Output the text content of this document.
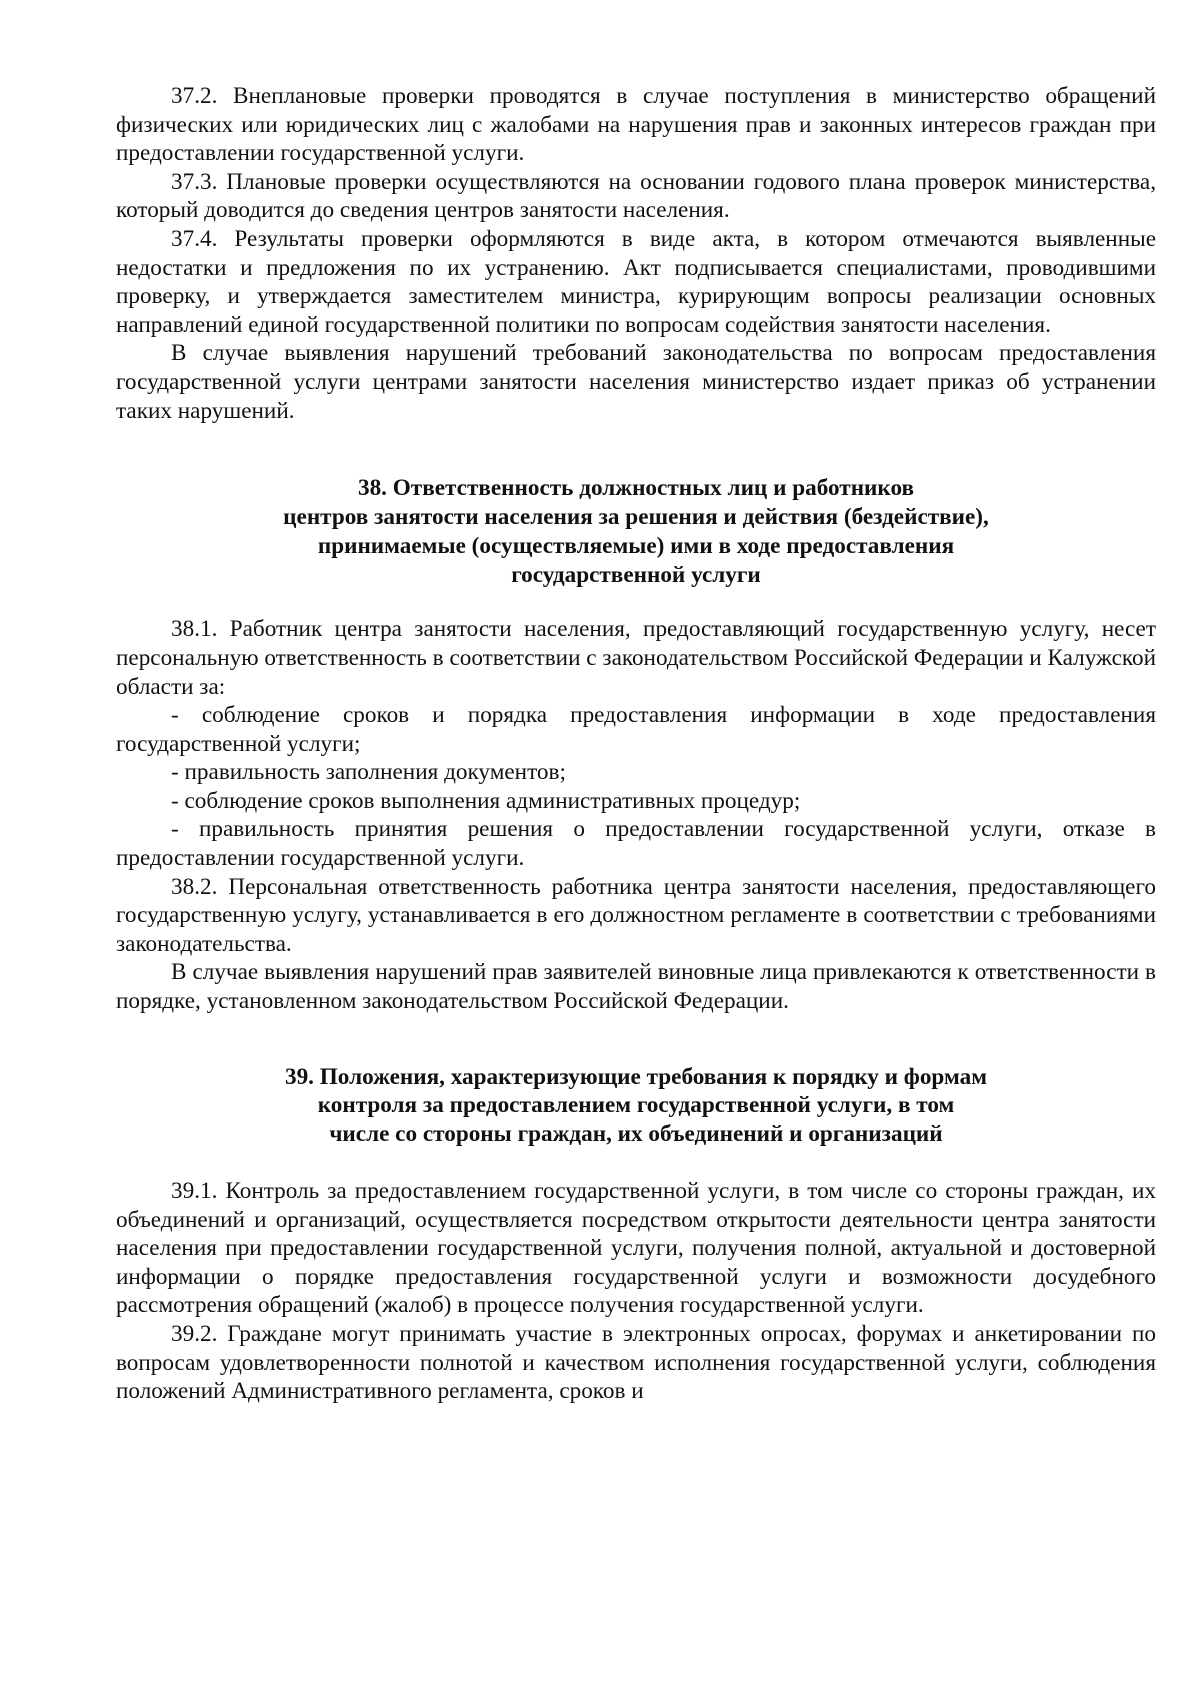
37.2. Внеплановые проверки проводятся в случае поступления в министерство обращений физических или юридических лиц с жалобами на нарушения прав и законных интересов граждан при предоставлении государственной услуги.

37.3. Плановые проверки осуществляются на основании годового плана проверок министерства, который доводится до сведения центров занятости населения.

37.4. Результаты проверки оформляются в виде акта, в котором отмечаются выявленные недостатки и предложения по их устранению. Акт подписывается специалистами, проводившими проверку, и утверждается заместителем министра, курирующим вопросы реализации основных направлений единой государственной политики по вопросам содействия занятости населения.

В случае выявления нарушений требований законодательства по вопросам предоставления государственной услуги центрами занятости населения министерство издает приказ об устранении таких нарушений.

38. Ответственность должностных лиц и работников

центров занятости населения за решения и действия (бездействие),

принимаемые (осуществляемые) ими в ходе предоставления

государственной услуги

38.1. Работник центра занятости населения, предоставляющий государственную услугу, несет персональную ответственность в соответствии с законодательством Российской Федерации и Калужской области за:

- соблюдение сроков и порядка предоставления информации в ходе предоставления государственной услуги;

- правильность заполнения документов;

- соблюдение сроков выполнения административных процедур;

- правильность принятия решения о предоставлении государственной услуги, отказе в предоставлении государственной услуги.

38.2. Персональная ответственность работника центра занятости населения, предоставляющего государственную услугу, устанавливается в его должностном регламенте в соответствии с требованиями законодательства.

В случае выявления нарушений прав заявителей виновные лица привлекаются к ответственности в порядке, установленном законодательством Российской Федерации.

39. Положения, характеризующие требования к порядку и формам

контроля за предоставлением государственной услуги, в том

числе со стороны граждан, их объединений и организаций

39.1. Контроль за предоставлением государственной услуги, в том числе со стороны граждан, их объединений и организаций, осуществляется посредством открытости деятельности центра занятости населения при предоставлении государственной услуги, получения полной, актуальной и достоверной информации о порядке предоставления государственной услуги и возможности досудебного рассмотрения обращений (жалоб) в процессе получения государственной услуги.

39.2. Граждане могут принимать участие в электронных опросах, форумах и анкетировании по вопросам удовлетворенности полнотой и качеством исполнения государственной услуги, соблюдения положений Административного регламента, сроков и
